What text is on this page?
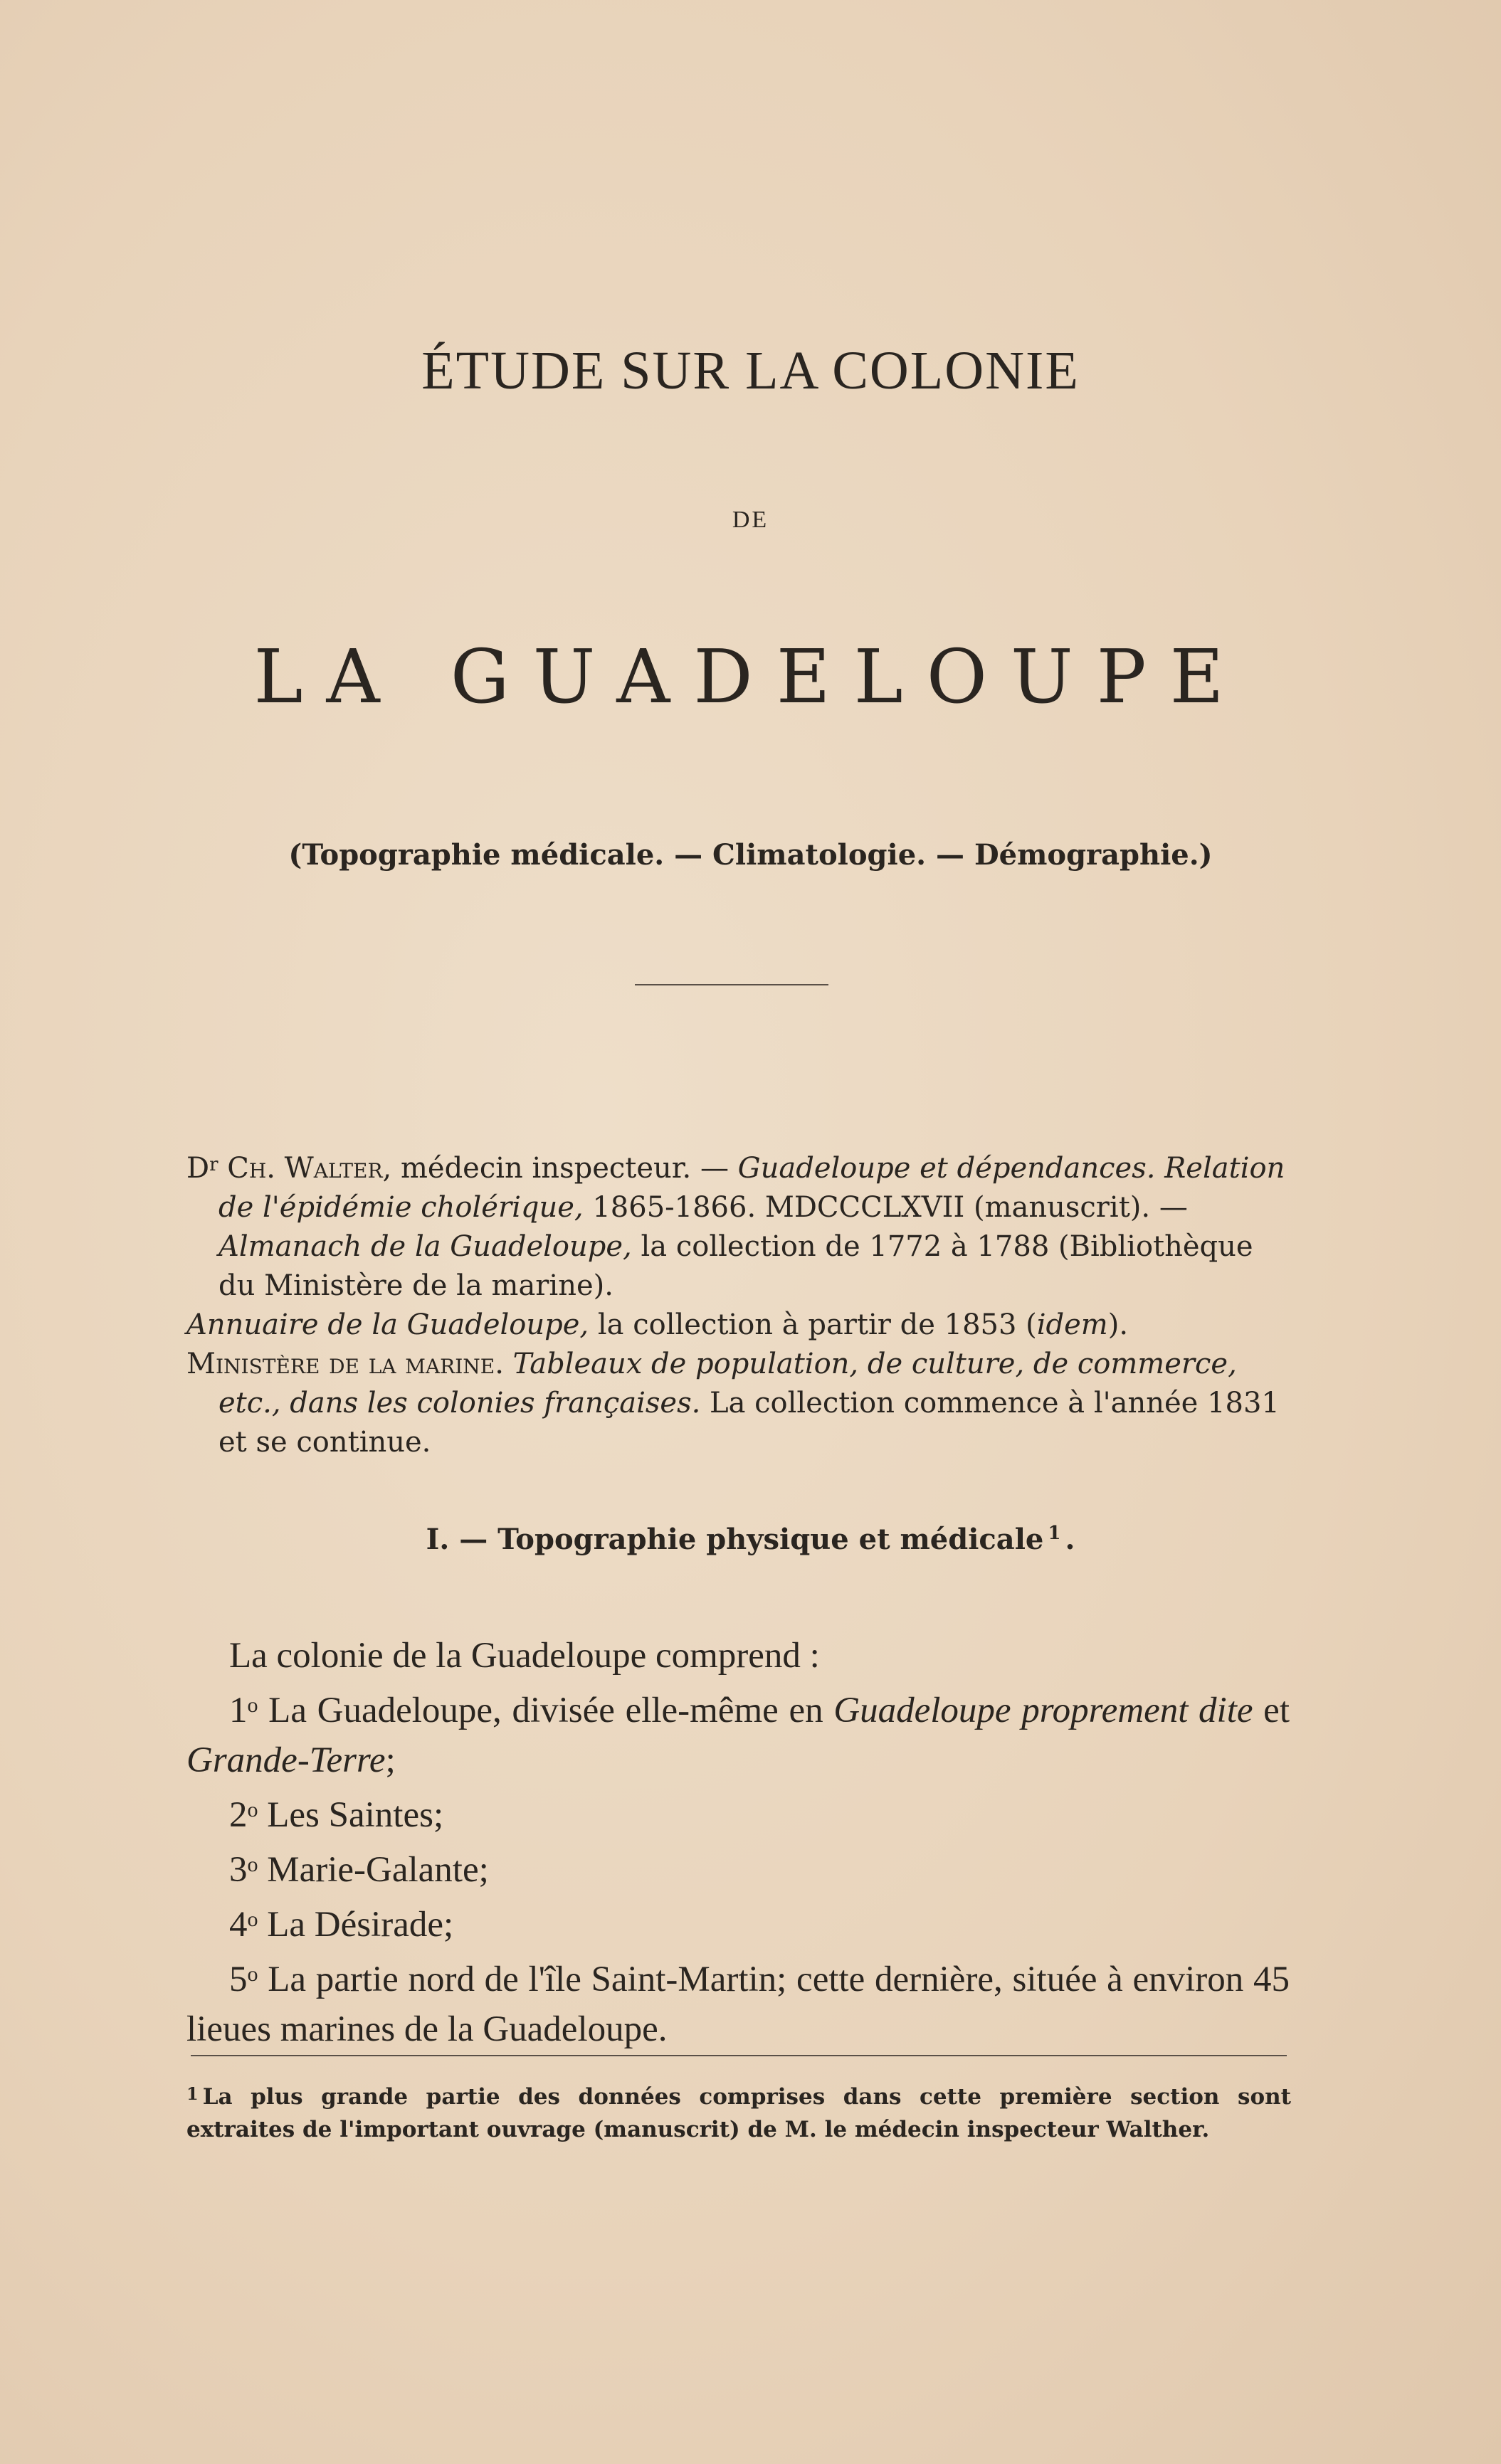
ÉTUDE SUR LA COLONIE
DE
LA GUADELOUPE
(Topographie médicale. — Climatologie. — Démographie.)
$D^r$ Ch. Walter, médecin inspecteur. — Guadeloupe et dépendances. Relation de l'épidémie cholérique, 1865-1866. MDCCCLXVII (manuscrit). — Almanach de la Guadeloupe, la collection de 1772 à 1788 (Bibliothèque du Ministère de la marine).
Annuaire de la Guadeloupe, la collection à partir de 1853 (idem).
Ministère de la marine. Tableaux de population, de culture, de commerce, etc., dans les colonies françaises. La collection commence à l'année 1831 et se continue.
I. — Topographie physique et médicale $^1$ .

La colonie de la Guadeloupe comprend :

1$^o$ La Guadeloupe, divisée elle-même en Guadeloupe proprement dite et Grande-Terre;

2$^o$ Les Saintes;

3$^o$ Marie-Galante;

4$^o$ La Désirade;

5$^o$ La partie nord de l'île Saint-Martin; cette dernière, située à environ 45 lieues marines de la Guadeloupe.

1 La plus grande partie des données comprises dans cette première section sont extraites de l'important ouvrage (manuscrit) de M. le médecin inspecteur Walther.
